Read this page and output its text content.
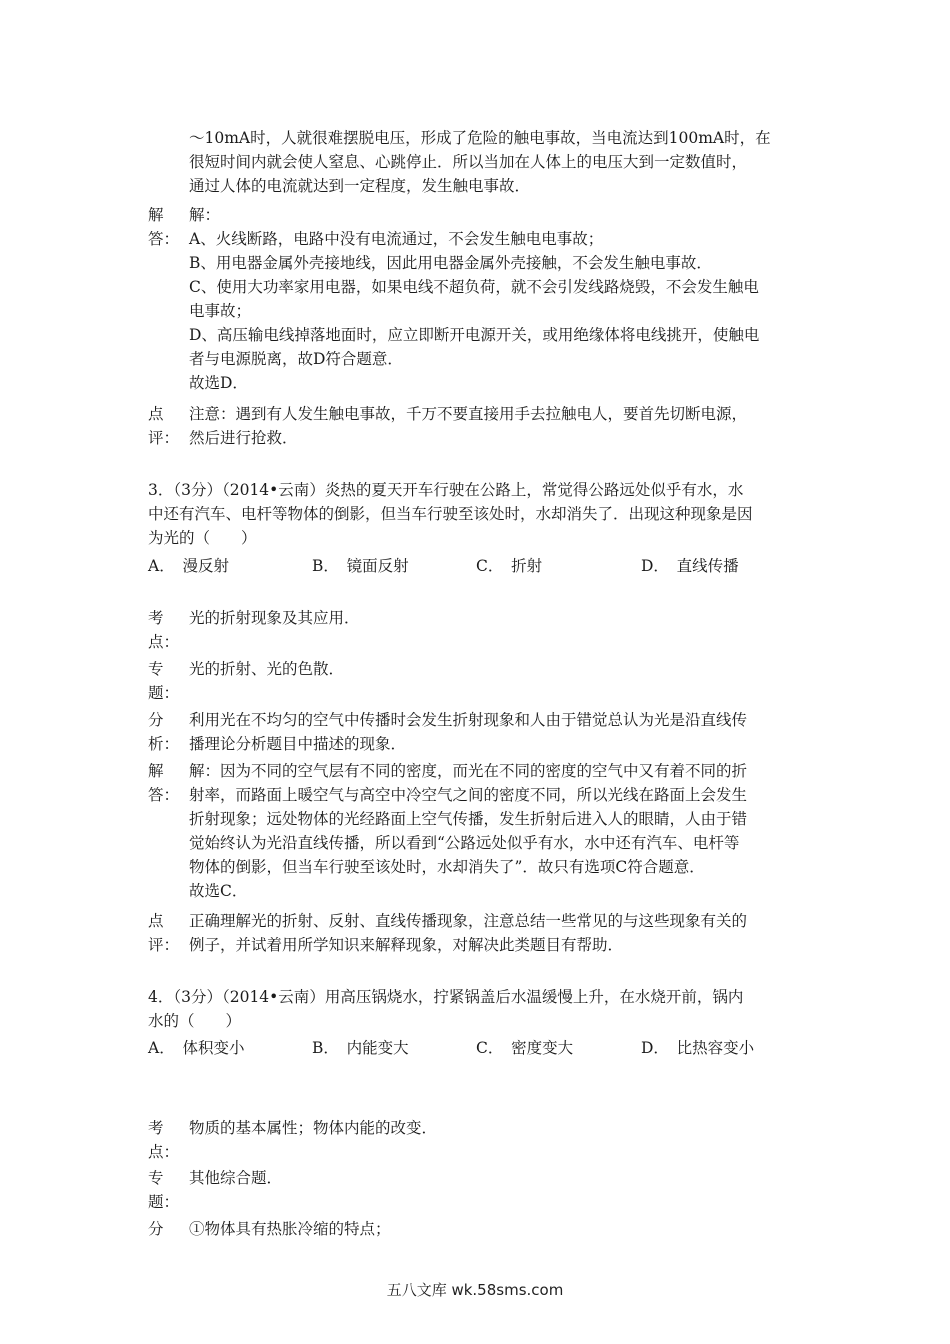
～10mA时，人就很难摆脱电压，形成了危险的触电事故，当电流达到100mA时，在
很短时间内就会使人窒息、心跳停止．所以当加在人体上的电压大到一定数值时，
通过人体的电流就达到一定程度，发生触电事故．
解
答：
解：
A、火线断路，电路中没有电流通过，不会发生触电电事故；
B、用电器金属外壳接地线，因此用电器金属外壳接触，不会发生触电事故．
C、使用大功率家用电器，如果电线不超负荷，就不会引发线路烧毁，不会发生触电
电事故；
D、高压输电线掉落地面时，应立即断开电源开关，或用绝缘体将电线挑开，使触电
者与电源脱离，故D符合题意．
故选D．
点
评：
注意：遇到有人发生触电事故，千万不要直接用手去拉触电人，要首先切断电源，
然后进行抢救．
3．（3分）（2014•云南）炎热的夏天开车行驶在公路上，常觉得公路远处似乎有水，水
中还有汽车、电杆等物体的倒影，但当车行驶至该处时，水却消失了．出现这种现象是因
为光的（　　）
A．　漫反射	B．　镜面反射	C．　折射	D．　直线传播
考
点：
光的折射现象及其应用．
专
题：
光的折射、光的色散．
分
析：
利用光在不均匀的空气中传播时会发生折射现象和人由于错觉总认为光是沿直线传
播理论分析题目中描述的现象．
解
答：
解：因为不同的空气层有不同的密度，而光在不同的密度的空气中又有着不同的折
射率，而路面上暖空气与高空中冷空气之间的密度不同，所以光线在路面上会发生
折射现象；远处物体的光经路面上空气传播，发生折射后进入人的眼睛，人由于错
觉始终认为光沿直线传播，所以看到“公路远处似乎有水，水中还有汽车、电杆等
物体的倒影，但当车行驶至该处时，水却消失了”．故只有选项C符合题意．
故选C．
点
评：
正确理解光的折射、反射、直线传播现象，注意总结一些常见的与这些现象有关的
例子，并试着用所学知识来解释现象，对解决此类题目有帮助．
4．（3分）（2014•云南）用高压锅烧水，拧紧锅盖后水温缓慢上升，在水烧开前，锅内
水的（　　）
A．　体积变小	B．　内能变大	C．　密度变大	D．　比热容变小
考
点：
物质的基本属性；物体内能的改变．
专
题：
其他综合题．
分	①物体具有热胀冷缩的特点；
五八文库 wk.58sms.com
